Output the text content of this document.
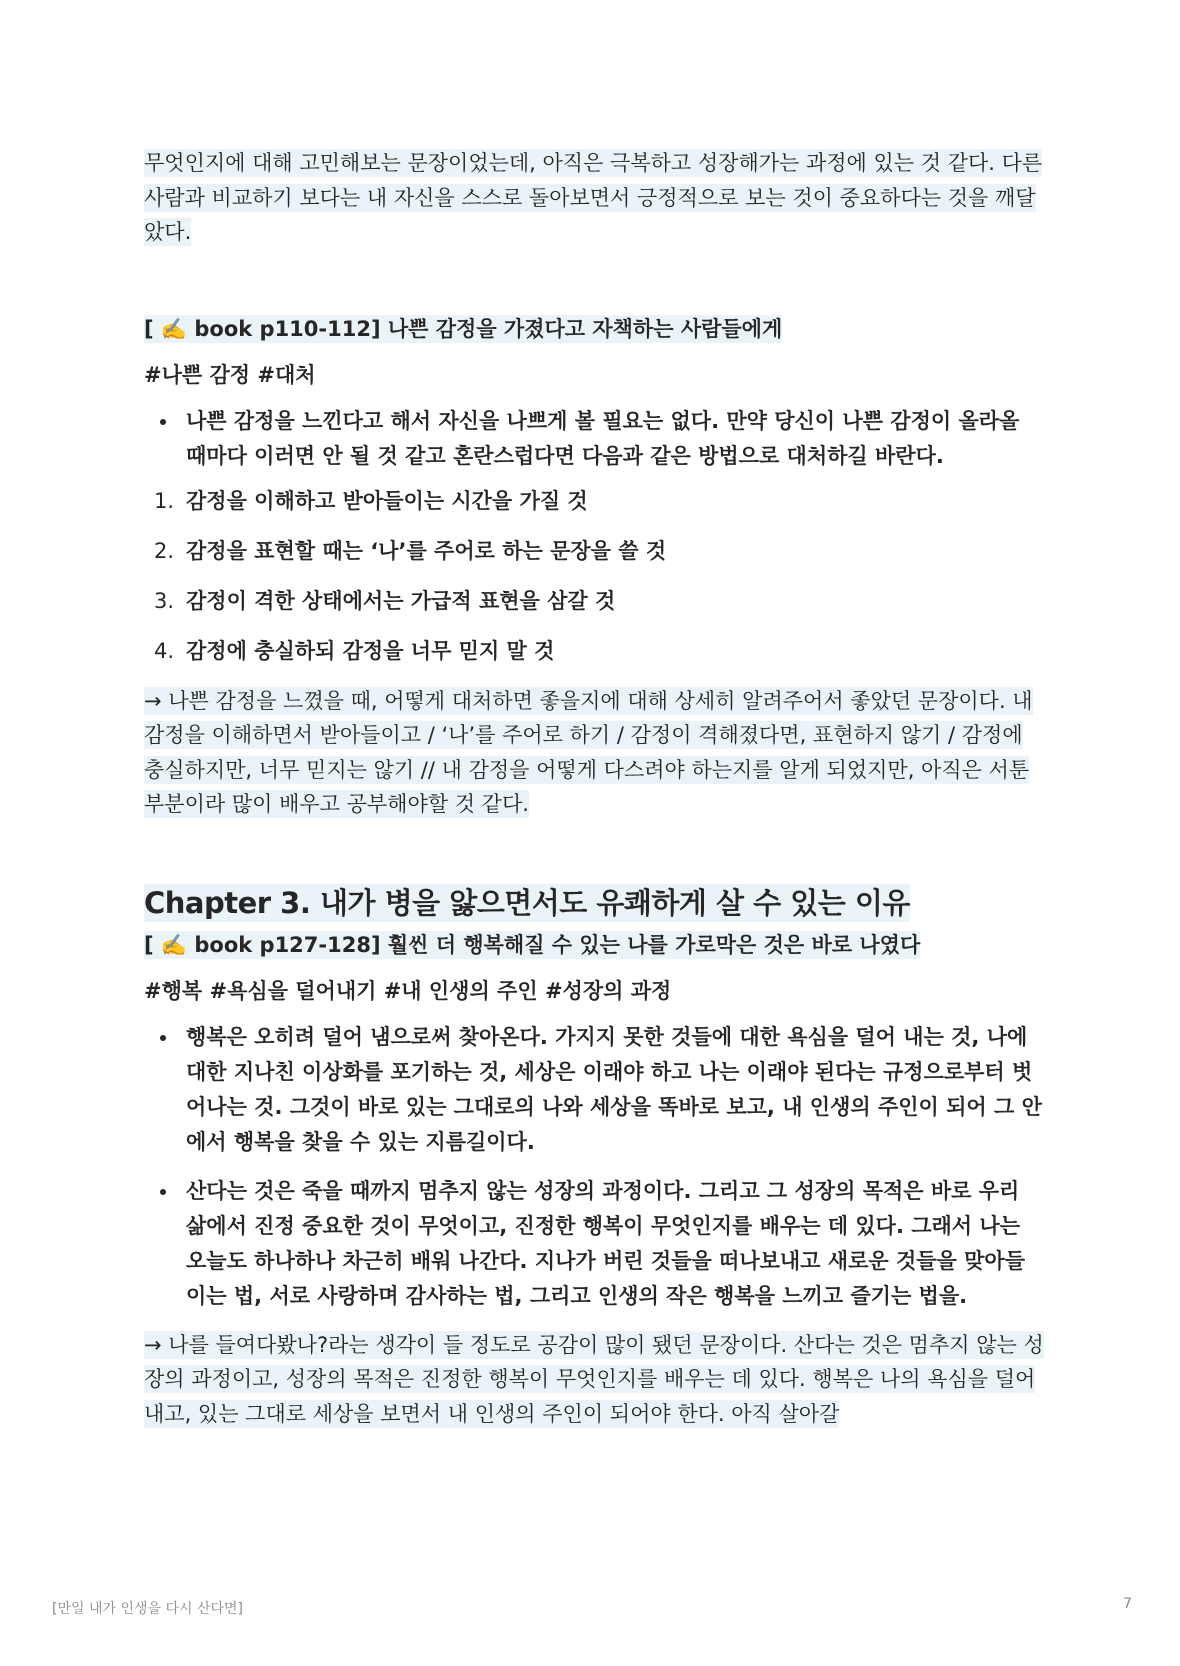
무엇인지에 대해 고민해보는 문장이었는데, 아직은 극복하고 성장해가는 과정에 있는 것 같다. 다른 사람과 비교하기 보다는 내 자신을 스스로 돌아보면서 긍정적으로 보는 것이 중요하다는 것을 깨달았다.

[ ✍️ book p110-112] 나쁜 감정을 가졌다고 자책하는 사람들에게

#나쁜 감정 #대처

나쁜 감정을 느낀다고 해서 자신을 나쁘게 볼 필요는 없다. 만약 당신이 나쁜 감정이 올라올 때마다 이러면 안 될 것 같고 혼란스럽다면 다음과 같은 방법으로 대처하길 바란다.
1. 감정을 이해하고 받아들이는 시간을 가질 것
2. 감정을 표현할 때는 ‘나’를 주어로 하는 문장을 쓸 것
3. 감정이 격한 상태에서는 가급적 표현을 삼갈 것
4. 감정에 충실하되 감정을 너무 믿지 말 것

→ 나쁜 감정을 느꼈을 때, 어떻게 대처하면 좋을지에 대해 상세히 알려주어서 좋았던 문장이다. 내 감정을 이해하면서 받아들이고 / ‘나’를 주어로 하기 / 감정이 격해졌다면, 표현하지 않기 / 감정에 충실하지만, 너무 믿지는 않기 // 내 감정을 어떻게 다스려야 하는지를 알게 되었지만, 아직은 서툰 부분이라 많이 배우고 공부해야할 것 같다.

Chapter 3. 내가 병을 앓으면서도 유쾌하게 살 수 있는 이유

[ ✍️ book p127-128] 훨씬 더 행복해질 수 있는 나를 가로막은 것은 바로 나였다

#행복 #욕심을 덜어내기 #내 인생의 주인 #성장의 과정

행복은 오히려 덜어 냄으로써 찾아온다. 가지지 못한 것들에 대한 욕심을 덜어 내는 것, 나에 대한 지나친 이상화를 포기하는 것, 세상은 이래야 하고 나는 이래야 된다는 규정으로부터 벗어나는 것. 그것이 바로 있는 그대로의 나와 세상을 똑바로 보고, 내 인생의 주인이 되어 그 안에서 행복을 찾을 수 있는 지름길이다.
산다는 것은 죽을 때까지 멈추지 않는 성장의 과정이다. 그리고 그 성장의 목적은 바로 우리 삶에서 진정 중요한 것이 무엇이고, 진정한 행복이 무엇인지를 배우는 데 있다. 그래서 나는 오늘도 하나하나 차근히 배워 나간다. 지나가 버린 것들을 떠나보내고 새로운 것들을 맞아들이는 법, 서로 사랑하며 감사하는 법, 그리고 인생의 작은 행복을 느끼고 즐기는 법을.

→ 나를 들여다봤나?라는 생각이 들 정도로 공감이 많이 됐던 문장이다. 산다는 것은 멈추지 않는 성장의 과정이고, 성장의 목적은 진정한 행복이 무엇인지를 배우는 데 있다. 행복은 나의 욕심을 덜어내고, 있는 그대로 세상을 보면서 내 인생의 주인이 되어야 한다. 아직 살아갈

[만일 내가 인생을 다시 산다면]	7
